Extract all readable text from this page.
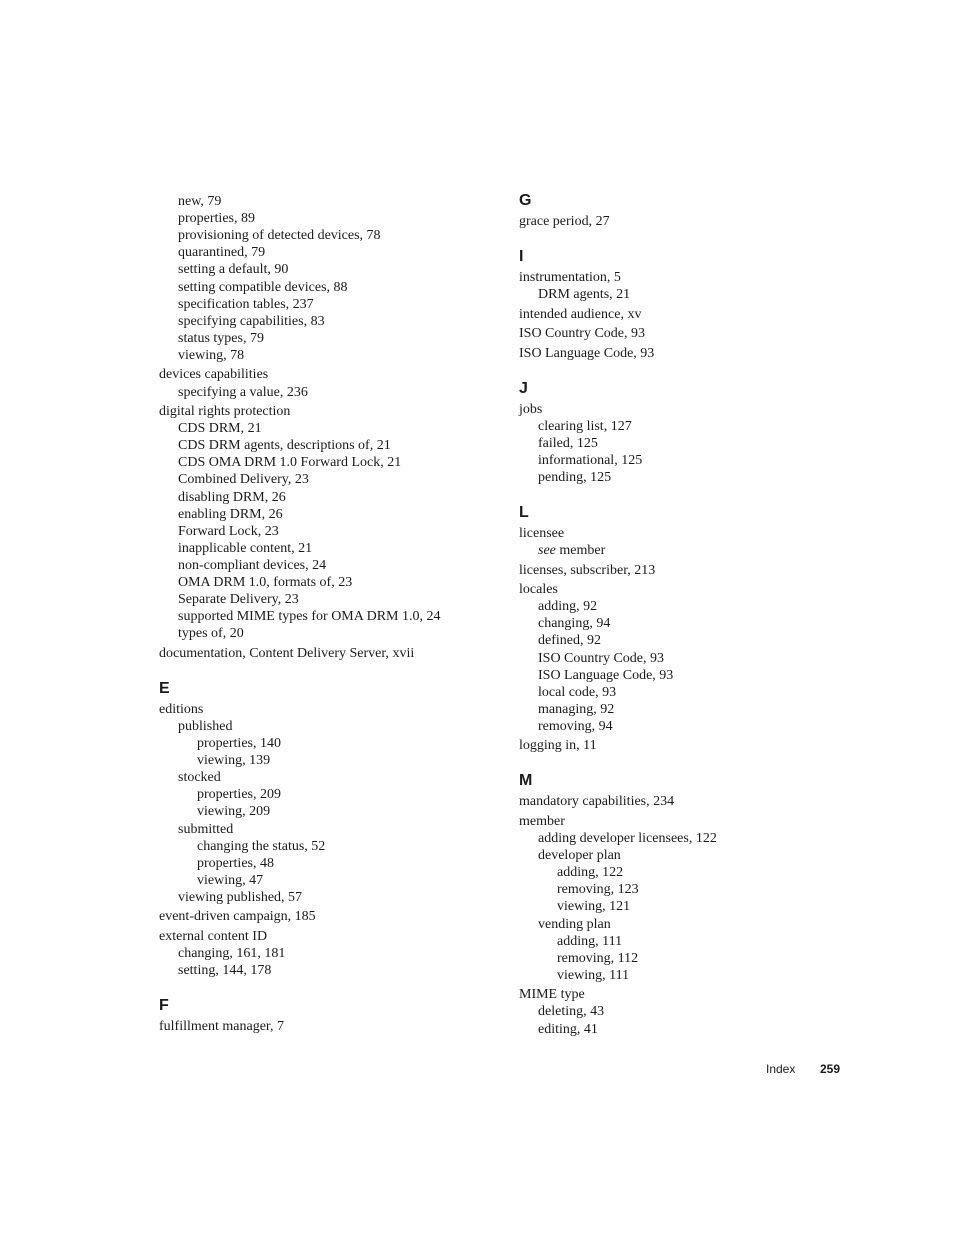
new, 79
properties, 89
provisioning of detected devices, 78
quarantined, 79
setting a default, 90
setting compatible devices, 88
specification tables, 237
specifying capabilities, 83
status types, 79
viewing, 78
devices capabilities
specifying a value, 236
digital rights protection
CDS DRM, 21
CDS DRM agents, descriptions of, 21
CDS OMA DRM 1.0 Forward Lock, 21
Combined Delivery, 23
disabling DRM, 26
enabling DRM, 26
Forward Lock, 23
inapplicable content, 21
non-compliant devices, 24
OMA DRM 1.0, formats of, 23
Separate Delivery, 23
supported MIME types for OMA DRM 1.0, 24
types of, 20
documentation, Content Delivery Server, xvii
E
editions
published
properties, 140
viewing, 139
stocked
properties, 209
viewing, 209
submitted
changing the status, 52
properties, 48
viewing, 47
viewing published, 57
event-driven campaign, 185
external content ID
changing, 161, 181
setting, 144, 178
F
fulfillment manager, 7
G
grace period, 27
I
instrumentation, 5
DRM agents, 21
intended audience, xv
ISO Country Code, 93
ISO Language Code, 93
J
jobs
clearing list, 127
failed, 125
informational, 125
pending, 125
L
licensee
see member
licenses, subscriber, 213
locales
adding, 92
changing, 94
defined, 92
ISO Country Code, 93
ISO Language Code, 93
local code, 93
managing, 92
removing, 94
logging in, 11
M
mandatory capabilities, 234
member
adding developer licensees, 122
developer plan
adding, 122
removing, 123
viewing, 121
vending plan
adding, 111
removing, 112
viewing, 111
MIME type
deleting, 43
editing, 41
Index 259
